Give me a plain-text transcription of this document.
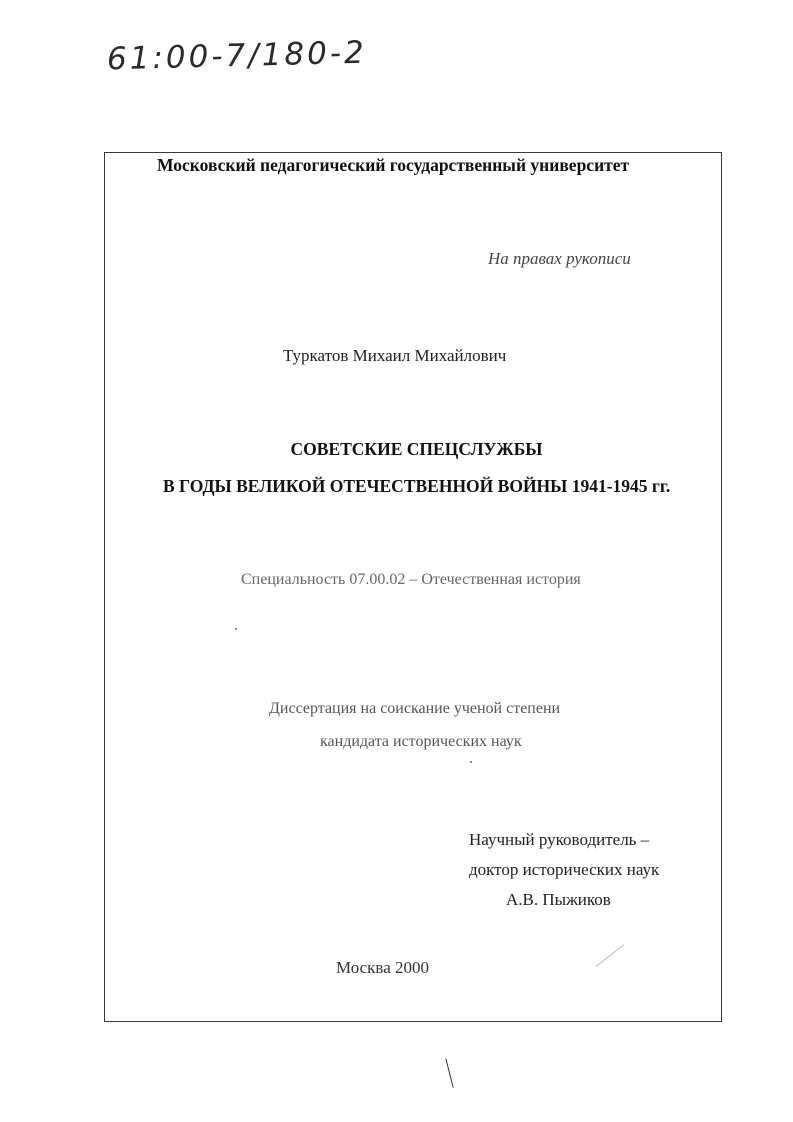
61:00-7/180-2
Московский педагогический государственный университет
На правах рукописи
Туркатов Михаил Михайлович
СОВЕТСКИЕ СПЕЦСЛУЖБЫ
В ГОДЫ ВЕЛИКОЙ ОТЕЧЕСТВЕННОЙ ВОЙНЫ 1941-1945 гг.
Специальность 07.00.02 – Отечественная история
Диссертация на соискание ученой степени
кандидата исторических наук
Научный руководитель –
доктор исторических наук
А.В. Пыжиков
Москва 2000
